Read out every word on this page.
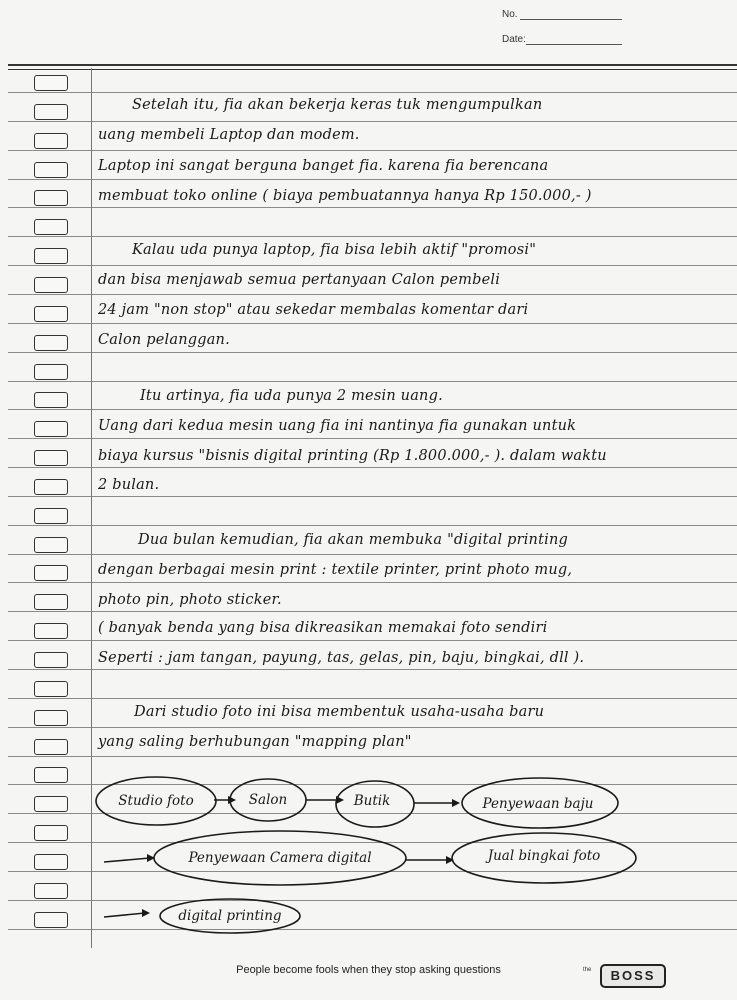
No.
Date:
Setelah itu, fia akan bekerja keras tuk mengumpulkan
uang membeli Laptop dan modem.
Laptop ini sangat berguna banget fia. karena fia berencana
membuat toko online ( biaya pembuatannya hanya Rp 150.000,- )
Kalau uda punya laptop, fia bisa lebih aktif "promosi"
dan bisa menjawab semua pertanyaan Calon pembeli
24 jam "non stop" atau sekedar membalas komentar dari
Calon pelanggan.
Itu artinya, fia uda punya 2 mesin uang.
Uang dari kedua mesin uang fia ini nantinya fia gunakan untuk
biaya kursus "bisnis digital printing (Rp 1.800.000,- ). dalam waktu
2 bulan.
Dua bulan kemudian, fia akan membuka "digital printing
dengan berbagai mesin print : textile printer, print photo mug,
photo pin, photo sticker.
( banyak benda yang bisa dikreasikan memakai foto sendiri
Seperti : jam tangan, payung, tas, gelas, pin, baju, bingkai, dll ).
Dari studio foto ini bisa membentuk usaha-usaha baru
yang saling berhubungan "mapping plan"
Studio foto	Salon	Butik	Penyewaan baju
Penyewaan Camera digital	Jual bingkai foto
digital printing
People become fools when they stop asking questions	the	BOSS
